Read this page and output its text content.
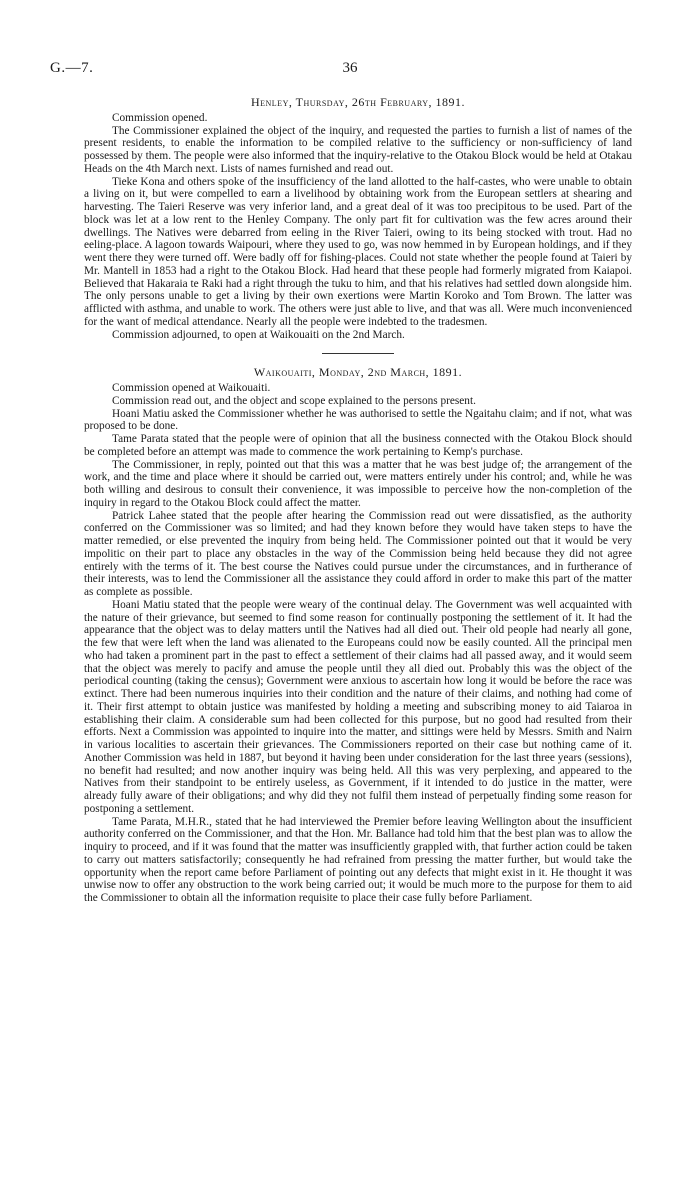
G.—7.	36
Henley, Thursday, 26th February, 1891.

Commission opened.

The Commissioner explained the object of the inquiry, and requested the parties to furnish a list of names of the present residents, to enable the information to be compiled relative to the sufficiency or non-sufficiency of land possessed by them. The people were also informed that the inquiry-relative to the Otakou Block would be held at Otakau Heads on the 4th March next. Lists of names furnished and read out.

Tieke Kona and others spoke of the insufficiency of the land allotted to the half-castes, who were unable to obtain a living on it, but were compelled to earn a livelihood by obtaining work from the European settlers at shearing and harvesting. The Taieri Reserve was very inferior land, and a great deal of it was too precipitous to be used. Part of the block was let at a low rent to the Henley Company. The only part fit for cultivation was the few acres around their dwellings. The Natives were debarred from eeling in the River Taieri, owing to its being stocked with trout. Had no eeling-place. A lagoon towards Waipouri, where they used to go, was now hemmed in by European holdings, and if they went there they were turned off. Were badly off for fishing-places. Could not state whether the people found at Taieri by Mr. Mantell in 1853 had a right to the Otakou Block. Had heard that these people had formerly migrated from Kaiapoi. Believed that Hakaraia te Raki had a right through the tuku to him, and that his relatives had settled down alongside him. The only persons unable to get a living by their own exertions were Martin Koroko and Tom Brown. The latter was afflicted with asthma, and unable to work. The others were just able to live, and that was all. Were much inconvenienced for the want of medical attendance. Nearly all the people were indebted to the tradesmen.

Commission adjourned, to open at Waikouaiti on the 2nd March.

Waikouaiti, Monday, 2nd March, 1891.

Commission opened at Waikouaiti.

Commission read out, and the object and scope explained to the persons present.

Hoani Matiu asked the Commissioner whether he was authorised to settle the Ngaitahu claim; and if not, what was proposed to be done.

Tame Parata stated that the people were of opinion that all the business connected with the Otakou Block should be completed before an attempt was made to commence the work pertaining to Kemp's purchase.

The Commissioner, in reply, pointed out that this was a matter that he was best judge of; the arrangement of the work, and the time and place where it should be carried out, were matters entirely under his control; and, while he was both willing and desirous to consult their convenience, it was impossible to perceive how the non-completion of the inquiry in regard to the Otakou Block could affect the matter.

Patrick Lahee stated that the people after hearing the Commission read out were dissatisfied, as the authority conferred on the Commissioner was so limited; and had they known before they would have taken steps to have the matter remedied, or else prevented the inquiry from being held. The Commissioner pointed out that it would be very impolitic on their part to place any obstacles in the way of the Commission being held because they did not agree entirely with the terms of it. The best course the Natives could pursue under the circumstances, and in furtherance of their interests, was to lend the Commissioner all the assistance they could afford in order to make this part of the matter as complete as possible.

Hoani Matiu stated that the people were weary of the continual delay. The Government was well acquainted with the nature of their grievance, but seemed to find some reason for continually postponing the settlement of it. It had the appearance that the object was to delay matters until the Natives had all died out. Their old people had nearly all gone, the few that were left when the land was alienated to the Europeans could now be easily counted. All the principal men who had taken a prominent part in the past to effect a settlement of their claims had all passed away, and it would seem that the object was merely to pacify and amuse the people until they all died out. Probably this was the object of the periodical counting (taking the census); Government were anxious to ascertain how long it would be before the race was extinct. There had been numerous inquiries into their condition and the nature of their claims, and nothing had come of it. Their first attempt to obtain justice was manifested by holding a meeting and subscribing money to aid Taiaroa in establishing their claim. A considerable sum had been collected for this purpose, but no good had resulted from their efforts. Next a Commission was appointed to inquire into the matter, and sittings were held by Messrs. Smith and Nairn in various localities to ascertain their grievances. The Commissioners reported on their case but nothing came of it. Another Commission was held in 1887, but beyond it having been under consideration for the last three years (sessions), no benefit had resulted; and now another inquiry was being held. All this was very perplexing, and appeared to the Natives from their standpoint to be entirely useless, as Government, if it intended to do justice in the matter, were already fully aware of their obligations; and why did they not fulfil them instead of perpetually finding some reason for postponing a settlement.

Tame Parata, M.H.R., stated that he had interviewed the Premier before leaving Wellington about the insufficient authority conferred on the Commissioner, and that the Hon. Mr. Ballance had told him that the best plan was to allow the inquiry to proceed, and if it was found that the matter was insufficiently grappled with, that further action could be taken to carry out matters satisfactorily; consequently he had refrained from pressing the matter further, but would take the opportunity when the report came before Parliament of pointing out any defects that might exist in it. He thought it was unwise now to offer any obstruction to the work being carried out; it would be much more to the purpose for them to aid the Commissioner to obtain all the information requisite to place their case fully before Parliament.
